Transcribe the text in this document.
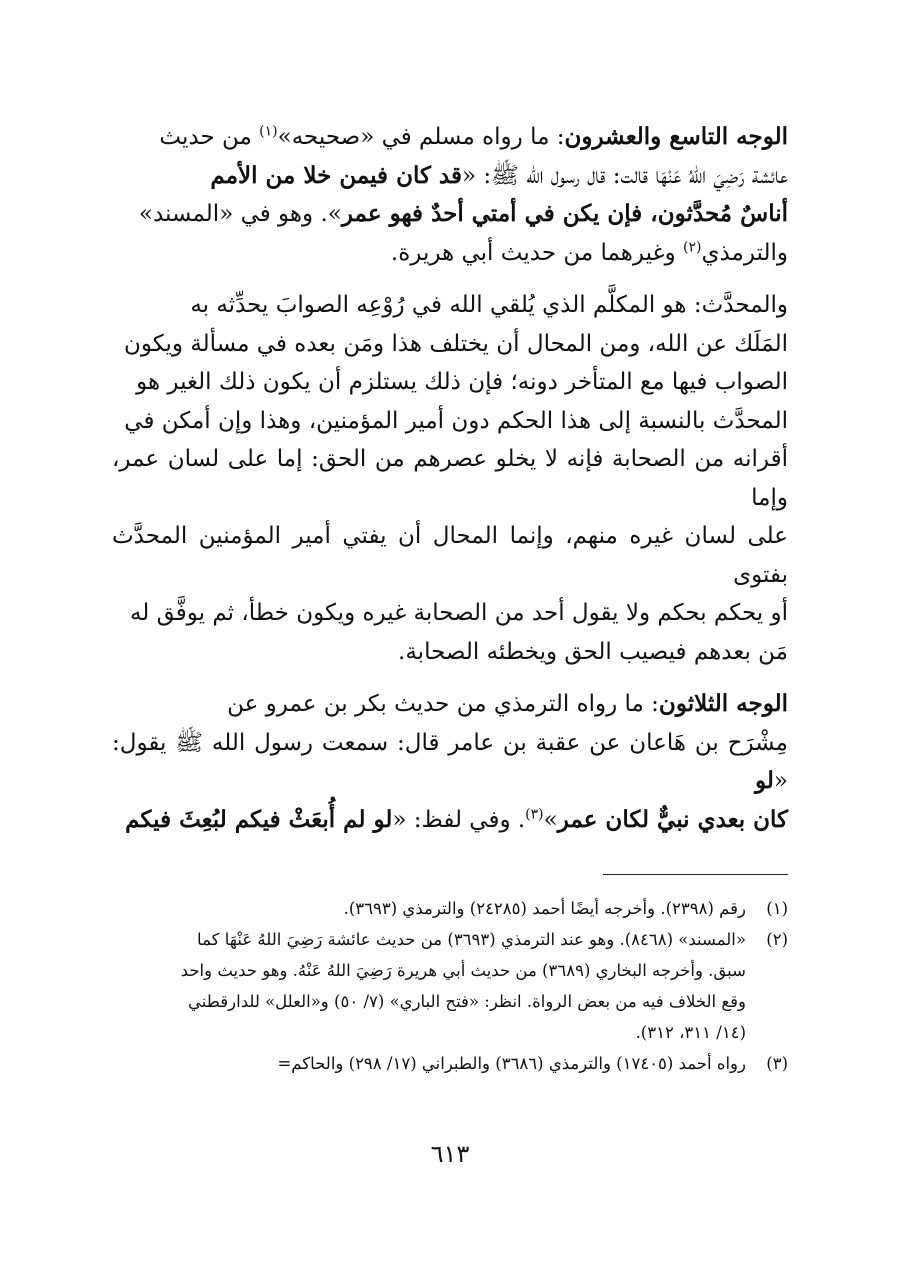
الوجه التاسع والعشرون: ما رواه مسلم في «صحيحه»$^{(١)}$ من حديث

عائشة رَضِيَ اللهُ عَنْهَا قالت: قال رسول الله ﷺ: «قد كان فيمن خلا من الأمم

أناسٌ مُحدَّثون، فإن يكن في أمتي أحدٌ فهو عمر». وهو في «المسند»

والترمذي$^{(٢)}$ وغيرهما من حديث أبي هريرة.

والمحدَّث: هو المكلَّم الذي يُلقي الله في رُوْعِه الصوابَ يحدِّثه به

المَلَك عن الله، ومن المحال أن يختلف هذا ومَن بعده في مسألة ويكون

الصواب فيها مع المتأخر دونه؛ فإن ذلك يستلزم أن يكون ذلك الغير هو

المحدَّث بالنسبة إلى هذا الحكم دون أمير المؤمنين، وهذا وإن أمكن في

أقرانه من الصحابة فإنه لا يخلو عصرهم من الحق: إما على لسان عمر، وإما

على لسان غيره منهم، وإنما المحال أن يفتي أمير المؤمنين المحدَّث بفتوى

أو يحكم بحكم ولا يقول أحد من الصحابة غيره ويكون خطأ، ثم يوفَّق له

مَن بعدهم فيصيب الحق ويخطئه الصحابة.

الوجه الثلاثون: ما رواه الترمذي من حديث بكر بن عمرو عن

مِشْرَح بن هَاعان عن عقبة بن عامر قال: سمعت رسول الله ﷺ يقول: «لو

كان بعدي نبيٌّ لكان عمر»$^{(٣)}$. وفي لفظ: «لو لم أُبعَثْ فيكم لبُعِثَ فيكم

(١)
رقم (٢٣٩٨). وأخرجه أيضًا أحمد (٢٤٢٨٥) والترمذي (٣٦٩٣).
(٢)
«المسند» (٨٤٦٨). وهو عند الترمذي (٣٦٩٣) من حديث عائشة رَضِيَ اللهُ عَنْهَا كما
سبق. وأخرجه البخاري (٣٦٨٩) من حديث أبي هريرة رَضِيَ اللهُ عَنْهُ. وهو حديث واحد
وقع الخلاف فيه من بعض الرواة. انظر: «فتح الباري» (٧/ ٥٠) و«العلل» للدارقطني
(١٤/ ٣١١، ٣١٢).
(٣)
رواه أحمد (١٧٤٠٥) والترمذي (٣٦٨٦) والطبراني (١٧/ ٢٩٨) والحاكم=
٦١٣
